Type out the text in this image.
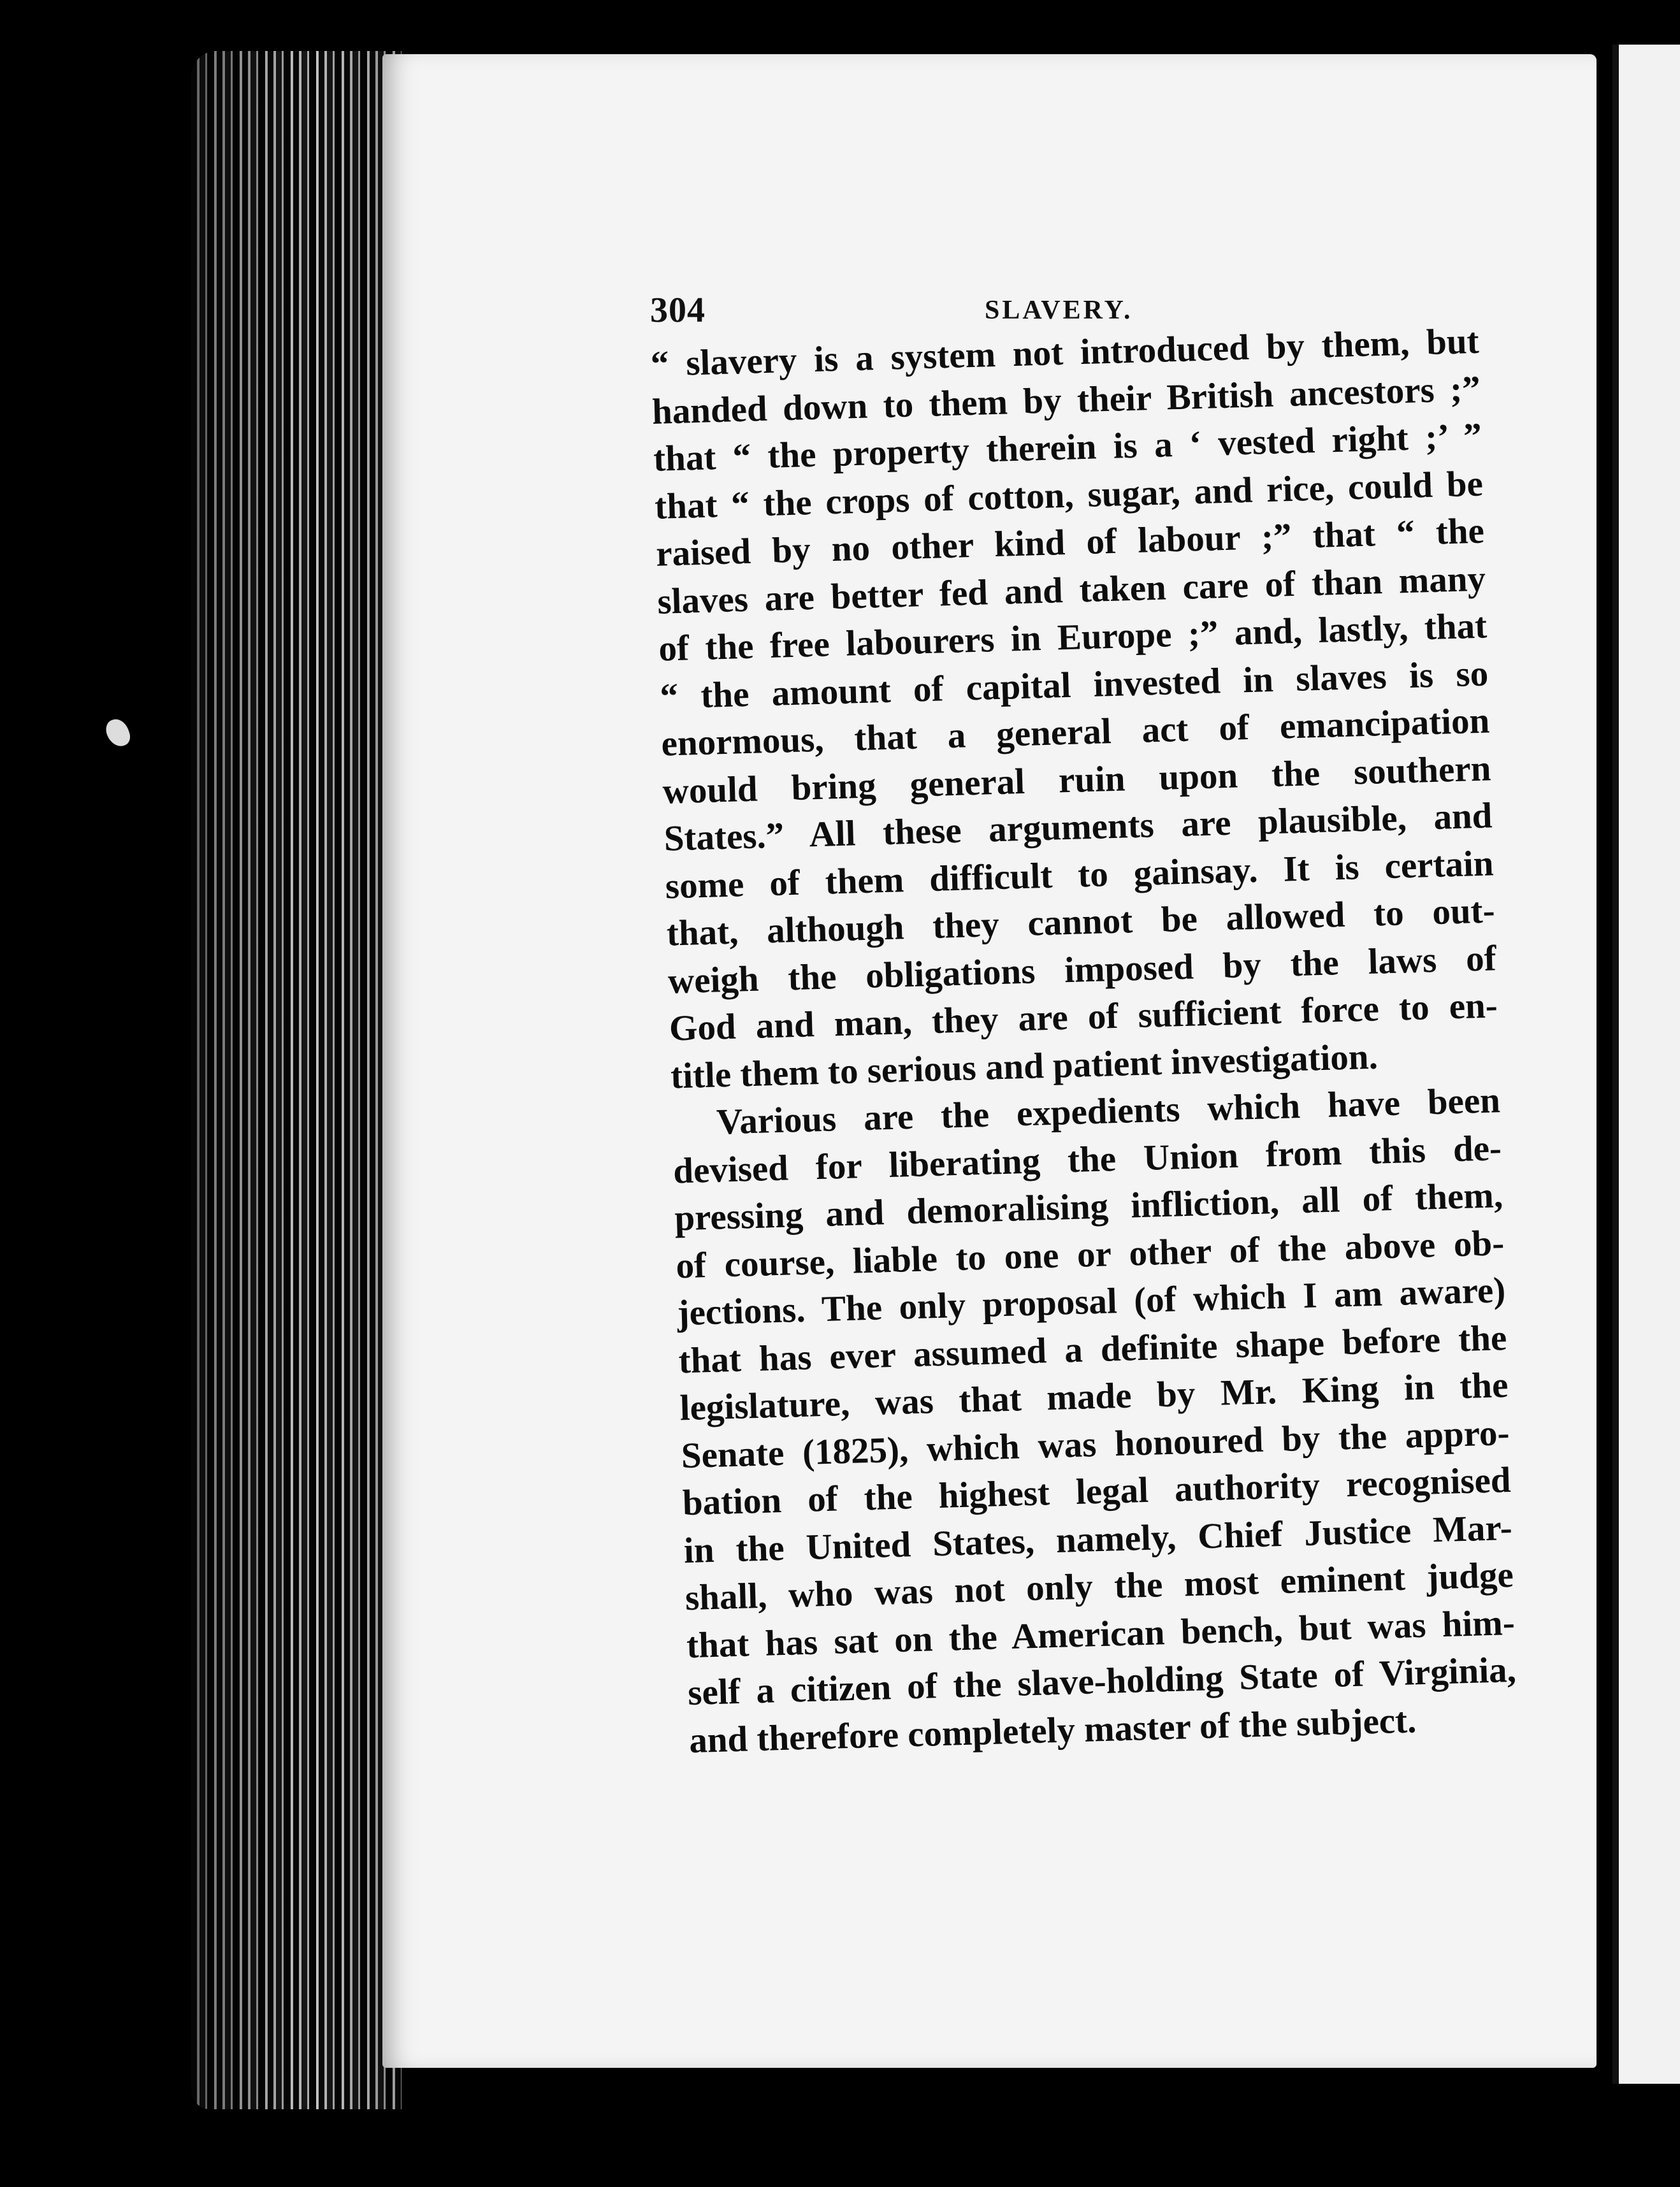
304	SLAVERY.
“ slavery is a system not introduced by them, but
handed down to them by their British ancestors ;”
that “ the property therein is a ‘ vested right ;’ ”
that “ the crops of cotton, sugar, and rice, could be
raised by no other kind of labour ;” that “ the
slaves are better fed and taken care of than many
of the free labourers in Europe ;” and, lastly, that
“ the amount of capital invested in slaves is so
enormous, that a general act of emancipation
would bring general ruin upon the southern
States.” All these arguments are plausible, and
some of them difficult to gainsay. It is certain
that, although they cannot be allowed to out-
weigh the obligations imposed by the laws of
God and man, they are of sufficient force to en-
title them to serious and patient investigation.
Various are the expedients which have been
devised for liberating the Union from this de-
pressing and demoralising infliction, all of them,
of course, liable to one or other of the above ob-
jections. The only proposal (of which I am aware)
that has ever assumed a definite shape before the
legislature, was that made by Mr. King in the
Senate (1825), which was honoured by the appro-
bation of the highest legal authority recognised
in the United States, namely, Chief Justice Mar-
shall, who was not only the most eminent judge
that has sat on the American bench, but was him-
self a citizen of the slave-holding State of Virginia,
and therefore completely master of the subject.
